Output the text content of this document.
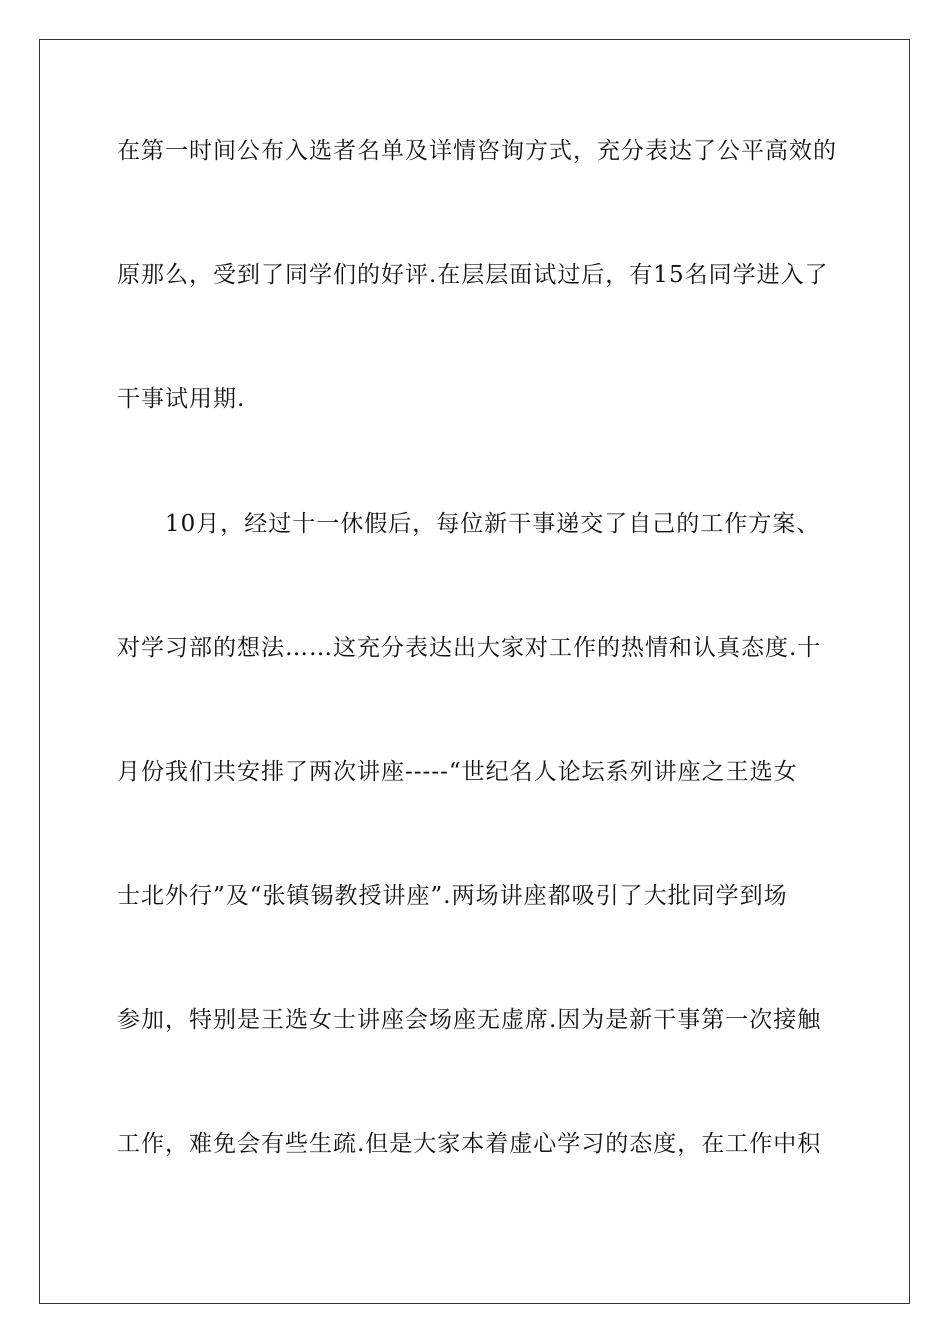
在第一时间公布入选者名单及详情咨询方式，充分表达了公平高效的
原那么，受到了同学们的好评.在层层面试过后，有15名同学进入了
干事试用期.
10月，经过十一休假后，每位新干事递交了自己的工作方案、
对学习部的想法……这充分表达出大家对工作的热情和认真态度.十
月份我们共安排了两次讲座-----“世纪名人论坛系列讲座之王选女
士北外行”及“张镇锡教授讲座”.两场讲座都吸引了大批同学到场
参加，特别是王选女士讲座会场座无虚席.因为是新干事第一次接触
工作，难免会有些生疏.但是大家本着虚心学习的态度，在工作中积
